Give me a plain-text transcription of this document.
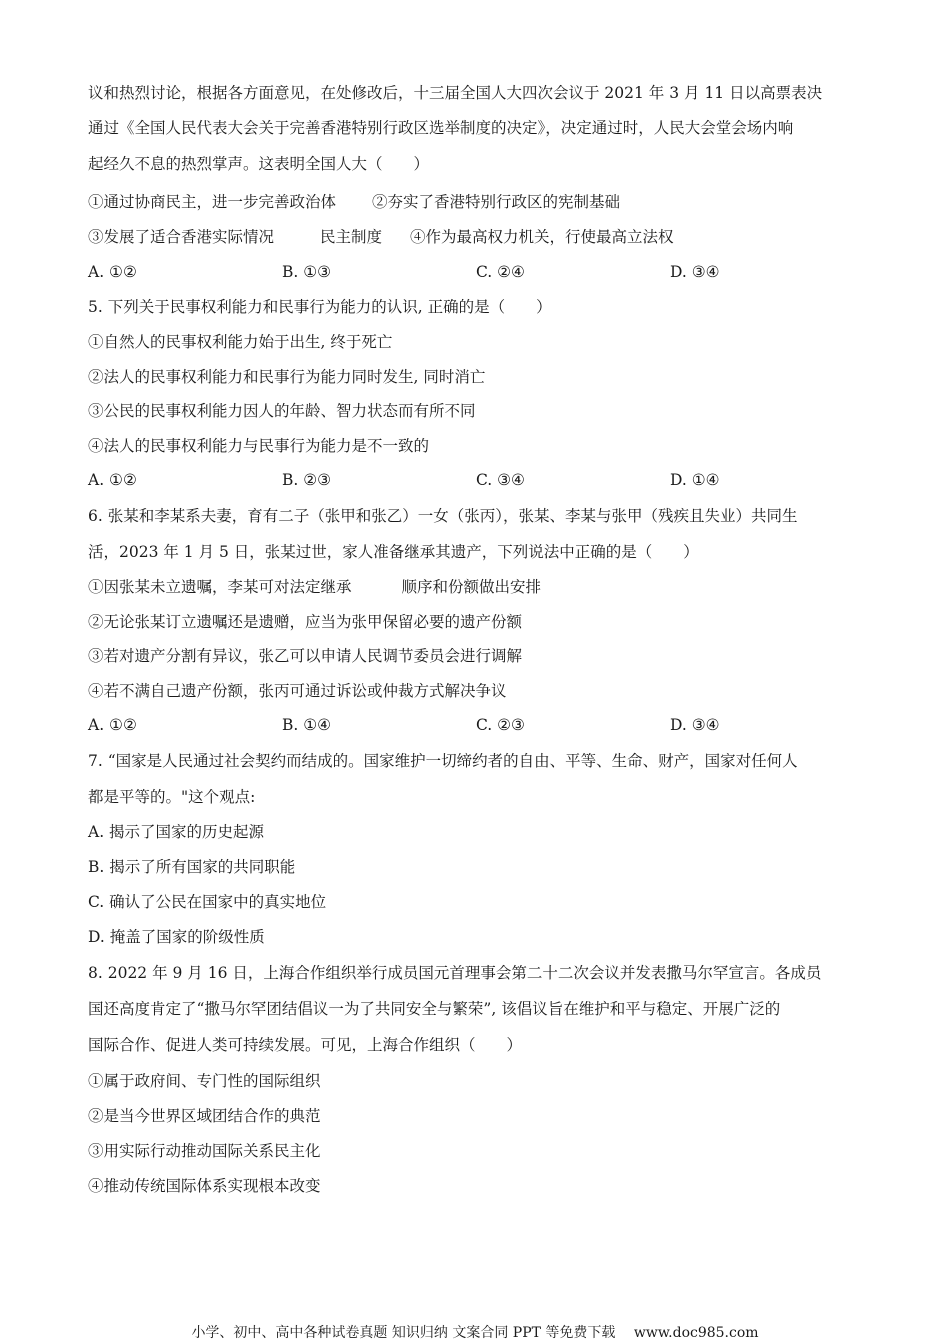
议和热烈讨论，根据各方面意见，在处修改后，十三届全国人大四次会议于 2021 年 3 月 11 日以高票表决
通过《全国人民代表大会关于完善香港特别行政区选举制度的决定》，决定通过时，人民大会堂会场内响
起经久不息的热烈掌声。这表明全国人大（　　）
①通过协商民主，进一步完善政治体 ②夯实了香港特别行政区的宪制基础
③发展了适合香港实际情况	民主制度 ④作为最高权力机关，行使最高立法权
A. ①②	B. ①③	C. ②④	D. ③④
5. 下列关于民事权利能力和民事行为能力的认识, 正确的是（　　）
①自然人的民事权利能力始于出生, 终于死亡
②法人的民事权利能力和民事行为能力同时发生, 同时消亡
③公民的民事权利能力因人的年龄、智力状态而有所不同
④法人的民事权利能力与民事行为能力是不一致的
A. ①②	B. ②③	C. ③④	D. ①④
6. 张某和李某系夫妻，育有二子（张甲和张乙）一女（张丙），张某、李某与张甲（残疾且失业）共同生
活，2023 年 1 月 5 日，张某过世，家人准备继承其遗产，下列说法中正确的是（　　）
①因张某未立遗嘱，李某可对法定继承	顺序和份额做出安排
②无论张某订立遗嘱还是遗赠，应当为张甲保留必要的遗产份额
③若对遗产分割有异议，张乙可以申请人民调节委员会进行调解
④若不满自己遗产份额，张丙可通过诉讼或仲裁方式解决争议
A. ①②	B. ①④	C. ②③	D. ③④
7. “国家是人民通过社会契约而结成的。国家维护一切缔约者的自由、平等、生命、财产，国家对任何人
都是平等的。"这个观点:
A. 揭示了国家的历史起源
B. 揭示了所有国家的共同职能
C. 确认了公民在国家中的真实地位
D. 掩盖了国家的阶级性质
8. 2022 年 9 月 16 日，上海合作组织举行成员国元首理事会第二十二次会议并发表撒马尔罕宣言。各成员
国还高度肯定了“撒马尔罕团结倡议一为了共同安全与繁荣”, 该倡议旨在维护和平与稳定、开展广泛的
国际合作、促进人类可持续发展。可见，上海合作组织（　　）
①属于政府间、专门性的国际组织
②是当今世界区域团结合作的典范
③用实际行动推动国际关系民主化
④推动传统国际体系实现根本改变
小学、初中、高中各种试卷真题 知识归纳 文案合同 PPT 等免费下载　 www.doc985.com
